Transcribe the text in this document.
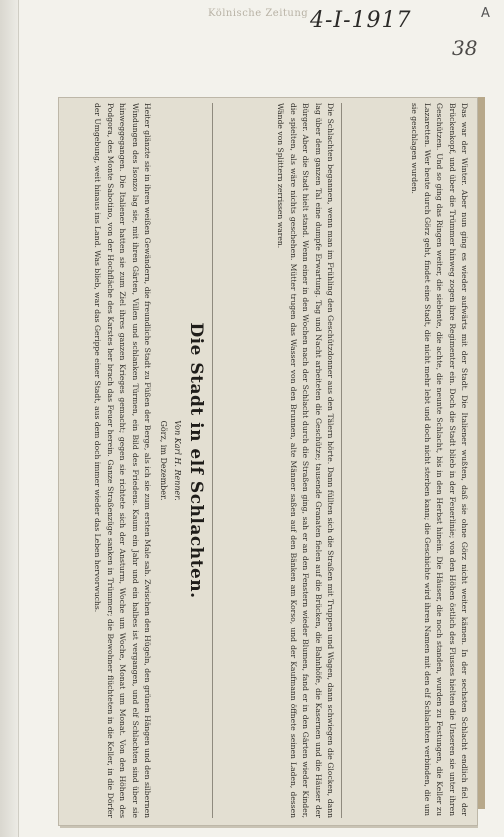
Kölnische Zeitung 4-I-1917	A
38
Die Stadt in elf Schlachten.
Von Karl H. Renner.
Görz, im Dezember.
Heiter glänzte sie in ihren weißen Gewändern, die freundliche Stadt zu Füßen der Berge, als ich sie zum ersten Male sah. Zwischen den Hügeln, den grünen Hängen und den silbernen Windungen des Isonzo lag sie, mit ihren Gärten, Villen und schlanken Türmen, ein Bild des Friedens. Kaum ein Jahr und ein halbes ist vergangen, und elf Schlachten sind über sie hinweggegangen. Die Italiener hatten sie zum Ziel ihres ganzen Krieges gemacht; gegen sie richtete sich der Ansturm, Woche um Woche, Monat um Monat. Von den Höhen des Podgora, des Monte Sabotino, von der Hochfläche des Karstes her brach das Feuer herein. Ganze Straßenzüge sanken in Trümmer; die Bewohner flüchteten in die Keller, in die Dörfer der Umgebung, weit hinaus ins Land. Was blieb, war das Gerippe einer Stadt, aus dem doch immer wieder das Leben hervorwuchs.	Die Schlachten begannen, wenn man im Frühling den Geschützdonner aus den Tälern hörte. Dann füllten sich die Straßen mit Truppen und Wagen, dann schwiegen die Glocken, dann lag über dem ganzen Tal eine dumpfe Erwartung. Tag und Nacht arbeiteten die Geschütze; tausende Granaten fielen auf die Brücken, die Bahnhöfe, die Kasernen und die Häuser der Bürger. Aber die Stadt hielt stand. Wenn einer in den Wochen nach der Schlacht durch die Straßen ging, sah er an den Fenstern wieder Blumen, fand er in den Gärten wieder Kinder, die spielten, als wäre nichts geschehen. Mütter trugen das Wasser von den Brunnen, alte Männer saßen auf den Bänken am Korso, und der Kaufmann öffnete seinen Laden, dessen Wände von Splittern zerrissen waren.	Das war der Winter. Aber nun ging es wieder aufwärts mit der Stadt. Die Italiener wußten, daß sie ohne Görz nicht weiter kämen. In der sechsten Schlacht endlich fiel der Brückenkopf, und über die Trümmer hinweg zogen ihre Regimenter ein. Doch die Stadt blieb in der Feuerlinie; von den Höhen östlich des Flusses hielten die Unseren sie unter ihren Geschützen. Und so ging das Ringen weiter, die siebente, die achte, die neunte Schlacht, bis in den Herbst hinein. Die Häuser, die noch standen, wurden zu Festungen, die Keller zu Lazaretten. Wer heute durch Görz geht, findet eine Stadt, die nicht mehr lebt und doch nicht sterben kann; die Geschichte wird ihren Namen mit den elf Schlachten verbinden, die um sie geschlagen wurden.
